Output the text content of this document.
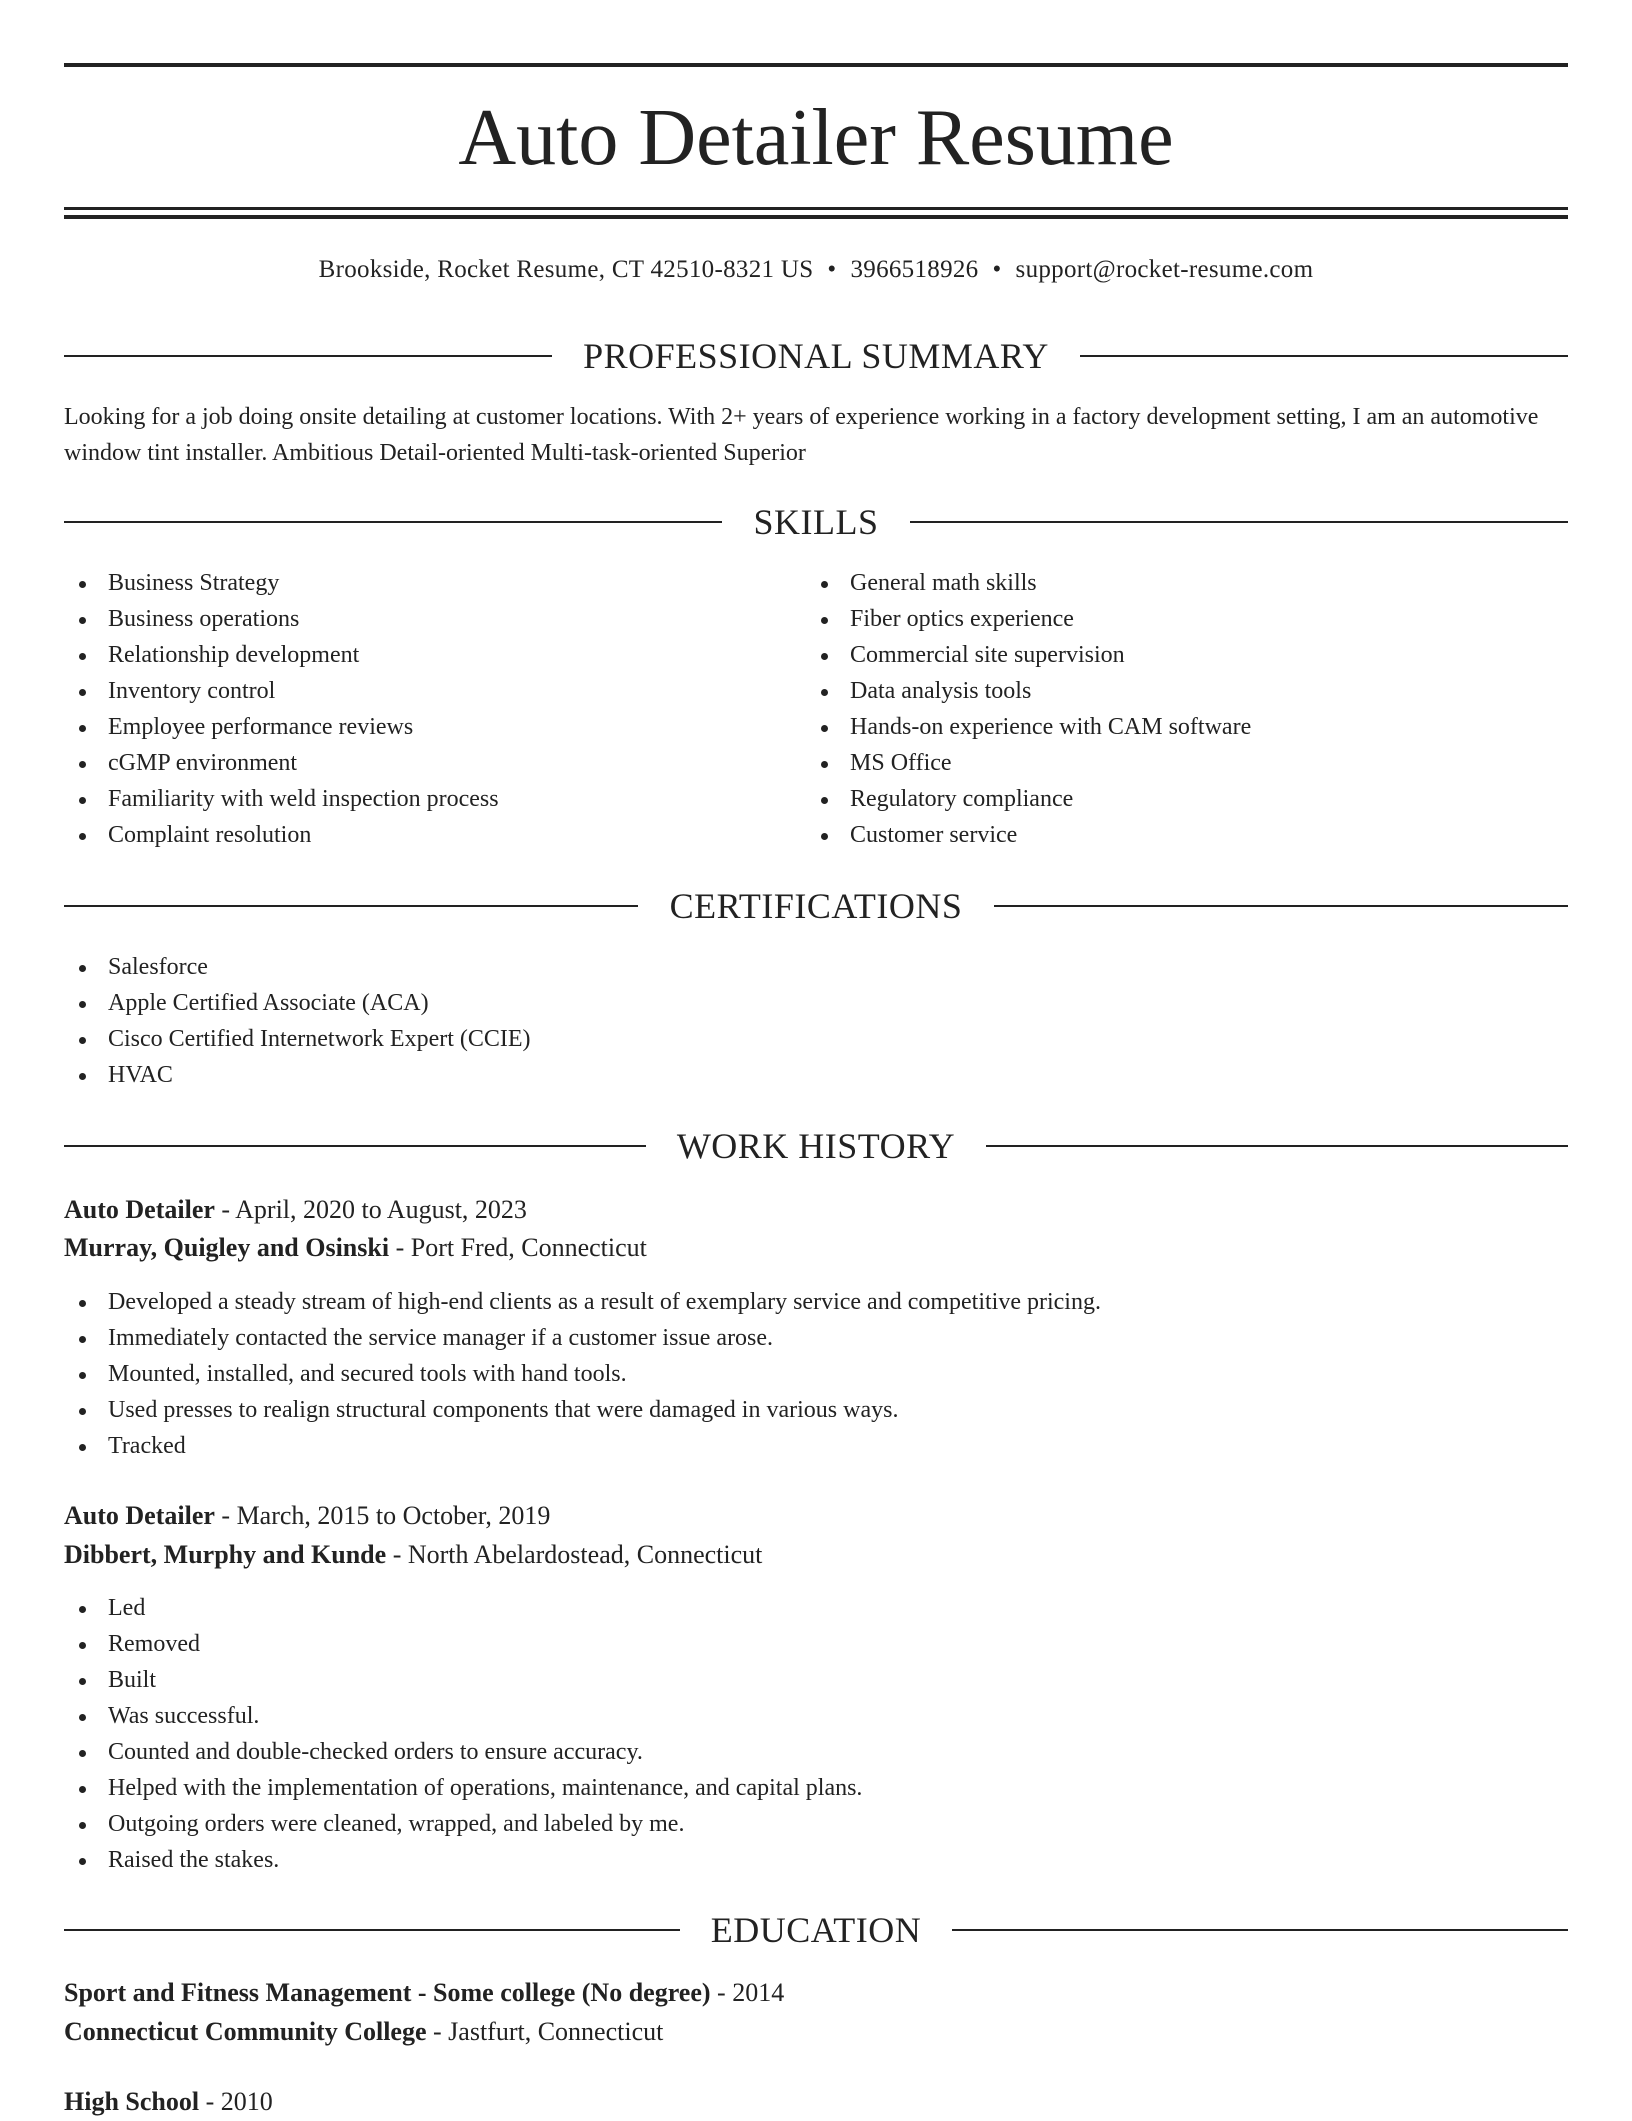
Auto Detailer Resume
Brookside, Rocket Resume, CT 42510-8321 US • 3966518926 • support@rocket-resume.com
PROFESSIONAL SUMMARY
Looking for a job doing onsite detailing at customer locations. With 2+ years of experience working in a factory development setting, I am an automotive window tint installer. Ambitious Detail-oriented Multi-task-oriented Superior
SKILLS
Business Strategy
Business operations
Relationship development
Inventory control
Employee performance reviews
cGMP environment
Familiarity with weld inspection process
Complaint resolution
General math skills
Fiber optics experience
Commercial site supervision
Data analysis tools
Hands-on experience with CAM software
MS Office
Regulatory compliance
Customer service
CERTIFICATIONS
Salesforce
Apple Certified Associate (ACA)
Cisco Certified Internetwork Expert (CCIE)
HVAC
WORK HISTORY
Auto Detailer - April, 2020 to August, 2023
Murray, Quigley and Osinski - Port Fred, Connecticut
Developed a steady stream of high-end clients as a result of exemplary service and competitive pricing.
Immediately contacted the service manager if a customer issue arose.
Mounted, installed, and secured tools with hand tools.
Used presses to realign structural components that were damaged in various ways.
Tracked
Auto Detailer - March, 2015 to October, 2019
Dibbert, Murphy and Kunde - North Abelardostead, Connecticut
Led
Removed
Built
Was successful.
Counted and double-checked orders to ensure accuracy.
Helped with the implementation of operations, maintenance, and capital plans.
Outgoing orders were cleaned, wrapped, and labeled by me.
Raised the stakes.
EDUCATION
Sport and Fitness Management - Some college (No degree) - 2014
Connecticut Community College - Jastfurt, Connecticut
High School - 2010
